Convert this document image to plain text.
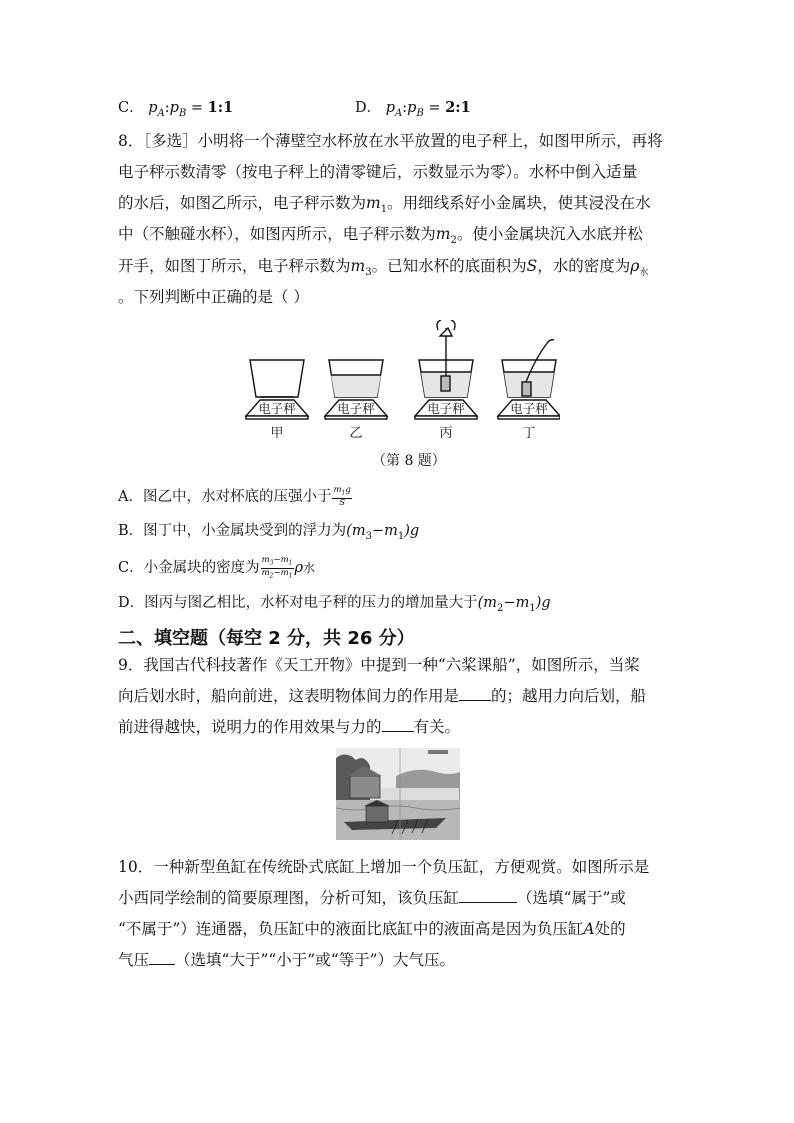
C． $p_A:p_B$ = 1:1	D． $p_A:p_B$ = 2:1
8．［多选］小明将一个薄壁空水杯放在水平放置的电子秤上，如图甲所示，再将
电子秤示数清零（按电子秤上的清零键后，示数显示为零）。水杯中倒入适量
的水后，如图乙所示，电子秤示数为$m_1$。用细线系好小金属块，使其浸没在水
中（不触碰水杯），如图丙所示，电子秤示数为$m_2$。使小金属块沉入水底并松
开手，如图丁所示，电子秤示数为$m_3$。已知水杯的底面积为S，水的密度为$\rho_水$
。下列判断中正确的是（ ）
电子秤	电子秤	电子秤	电子秤
甲	乙	丙	丁
（第 8 题）
A．图乙中，水对杯底的压强小于 $\frac{m_1g}{S}$
B．图丁中，小金属块受到的浮力为$(m_3-m_1)g$
C．小金属块的密度为 $\frac{m_3-m_1}{m_2-m_1}$ ρ水
D．图丙与图乙相比，水杯对电子秤的压力的增加量大于$(m_2-m_1)g$
二、填空题（每空 2 分，共 26 分）
9．我国古代科技著作《天工开物》中提到一种“六桨课船”，如图所示，当桨
向后划水时，船向前进，这表明物体间力的作用是 的；越用力向后划，船
前进得越快，说明力的作用效果与力的 有关。
10．一种新型鱼缸在传统卧式底缸上增加一个负压缸，方便观赏。如图所示是
小西同学绘制的简要原理图，分析可知，该负压缸	（选填“属于”或
“不属于”）连通器，负压缸中的液面比底缸中的液面高是因为负压缸A处的
气压 （选填“大于”“小于”或“等于”）大气压。
